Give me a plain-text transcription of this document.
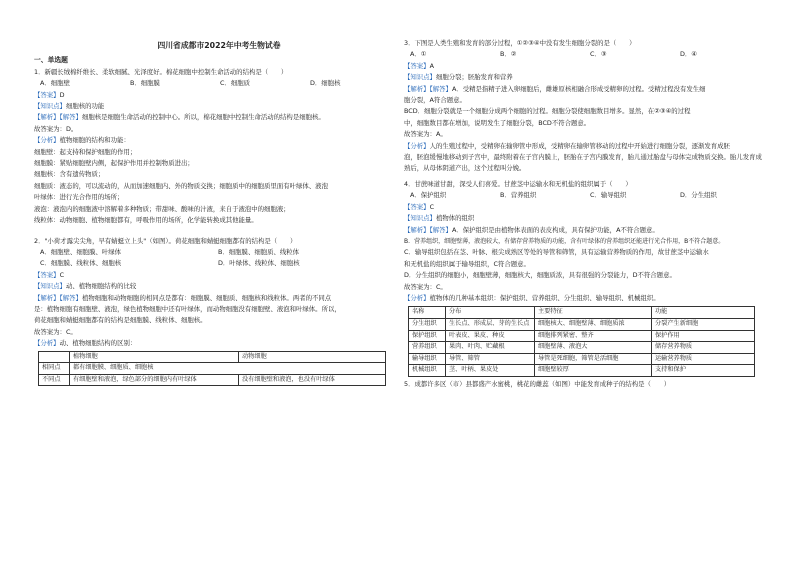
四川省成都市2022年中考生物试卷

一、单选题

1．新疆长绒棉纤维长、柔软细腻、光泽度好。棉花细胞中控制生命活动的结构是（　　）

A．细胞壁	B．细胞膜	C．细胞质	D．细胞核

【答案】D

【知识点】细胞核的功能

【解析】【解答】细胞核是细胞生命活动的控制中心。所以，棉花细胞中控制生命活动的结构是细胞核。

故答案为：D。

【分析】植物细胞的结构和功能：

细胞壁：起支持和保护细胞的作用；

细胞膜：紧贴细胞壁内侧，起保护作用并控制物质进出；

细胞核：含有遗传物质；

细胞质：液态的，可以流动的，从而加速细胞内、外的物质交换；细胞质中的细胞质里面有叶绿体、液泡

叶绿体：进行光合作用的场所；

液泡：液泡内的细胞液中溶解着多种物质；带甜味、酸味的汁液，来自于液泡中的细胞液；

线粒体：动物细胞、植物细胞都有，呼吸作用的场所，化学能转换成其他能量。

2．"小荷才露尖尖角，早有蜻蜓立上头"（如图）。荷花细胞和蜻蜓细胞都有的结构是（　　）

A．细胞壁、细胞膜、叶绿体	B．细胞膜、细胞质、线粒体
C．细胞膜、线粒体、细胞核	D．叶绿体、线粒体、细胞核

【答案】C

【知识点】动、植物细胞结构的比较

【解析】【解答】植物细胞和动物细胞的相同点是都有：细胞膜、细胞质、细胞核和线粒体。两者的不同点

是：植物细胞有细胞壁、液泡，绿色植物细胞中还有叶绿体，而动物细胞没有细胞壁、液泡和叶绿体。所以，

荷花细胞和蜻蜓细胞都有的结构是细胞膜、线粒体、细胞核。

故答案为：C。

【分析】动、植物细胞结构的区别：

	植物细胞	动物细胞
相同点	都有细胞膜、细胞质、细胞核	
不同点	有细胞壁和液泡，绿色部分的细胞内有叶绿体	没有细胞壁和液泡，也没有叶绿体

3．下图是人类生殖和发育的部分过程，①②③④中没有发生细胞分裂的是（　　）

A．①	B．②	C．③	D．④

【答案】A

【知识点】细胞分裂；胚胎发育和营养

【解析】【解答】A．受精是指精子进入卵细胞后，雌雄原核相融合形成受精卵的过程。受精过程没有发生细

胞分裂，A符合题意。

BCD．细胞分裂就是一个细胞分成两个细胞的过程。细胞分裂使细胞数目增多。显然，在②③④的过程

中，细胞数目都在增加，说明发生了细胞分裂，BCD不符合题意。

故答案为：A。

【分析】人的生殖过程中，受精卵在输卵管中形成，受精卵在输卵管移动的过程中开始进行细胞分裂，逐渐发育成胚

泡，胚泡缓慢地移动到子宫中，最终附着在子宫内膜上，胚胎在子宫内膜发育，胎儿通过胎盘与母体完成物质交换。胎儿发育成

熟后，从母体阴道产出，这个过程叫分娩。

4．甘蔗味道甘甜，深受人们喜爱。甘蔗茎中运输水和无机盐的组织属于（　　）

A．保护组织	B．营养组织	C．输导组织	D．分生组织

【答案】C

【知识点】植物体的组织

【解析】【解答】A．保护组织是由植物体表面的表皮构成，具有保护功能，A不符合题意。

B．营养组织，细胞壁薄，液泡较大，有储存营养物质的功能，含有叶绿体的营养组织还能进行光合作用，B不符合题意。

C．输导组织包括在茎、叶脉、根尖成熟区等处的导管和筛管，具有运输营养物质的作用，故甘蔗茎中运输水

和无机盐的组织属于输导组织，C符合题意。

D．分生组织的细胞小，细胞壁薄，细胞核大，细胞质浓，具有很强的分裂能力，D不符合题意。

故答案为：C。

【分析】植物体的几种基本组织：保护组织、营养组织、分生组织、输导组织、机械组织。

名称	分布	主要特征	功能
分生组织	生长点、形成层、芽的生长点	细胞核大、细胞壁薄、细胞质浓	分裂产生新细胞
保护组织	叶表皮、果皮、种皮	细胞排列紧密、整齐	保护作用
营养组织	果肉、叶肉、贮藏根	细胞壁薄、液泡大	储存营养物质
输导组织	导管、筛管	导管是死细胞，筛管是活细胞	运输营养物质
机械组织	茎、叶柄、果皮处	细胞壁较厚	支持和保护

5．成都许多区（市）县都盛产水蜜桃，桃花的雌蕊（如图）中能发育成种子的结构是（　　）
